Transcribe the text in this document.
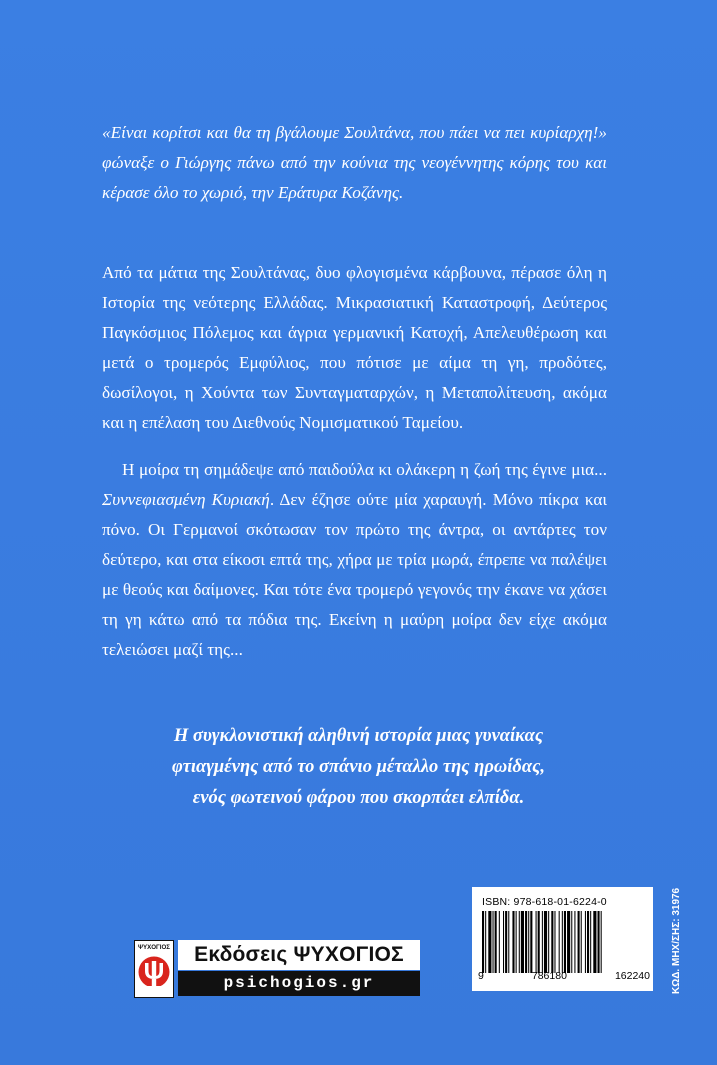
«Είναι κορίτσι και θα τη βγάλουμε Σουλτάνα, που πάει να πει κυρίαρχη!» φώναξε ο Γιώργης πάνω από την κούνια της νεογέννητης κόρης του και κέρασε όλο το χωριό, την Εράτυρα Κοζάνης.
Από τα μάτια της Σουλτάνας, δυο φλογισμένα κάρβουνα, πέρασε όλη η Ιστορία της νεότερης Ελλάδας. Μικρασιατική Καταστροφή, Δεύτερος Παγκόσμιος Πόλεμος και άγρια γερμανική Κατοχή, Απελευθέρωση και μετά ο τρομερός Εμφύλιος, που πότισε με αίμα τη γη, προδότες, δωσίλογοι, η Χούντα των Συνταγματαρχών, η Μεταπολίτευση, ακόμα και η επέλαση του Διεθνούς Νομισματικού Ταμείου.
Η μοίρα τη σημάδεψε από παιδούλα κι ολάκερη η ζωή της έγινε μια... Συννεφιασμένη Κυριακή. Δεν έζησε ούτε μία χαραυγή. Μόνο πίκρα και πόνο. Οι Γερμανοί σκότωσαν τον πρώτο της άντρα, οι αντάρτες τον δεύτερο, και στα είκοσι επτά της, χήρα με τρία μωρά, έπρεπε να παλέψει με θεούς και δαίμονες. Και τότε ένα τρομερό γεγονός την έκανε να χάσει τη γη κάτω από τα πόδια της. Εκείνη η μαύρη μοίρα δεν είχε ακόμα τελειώσει μαζί της...
Η συγκλονιστική αληθινή ιστορία μιας γυναίκας
φτιαγμένης από το σπάνιο μέταλλο της ηρωίδας,
ενός φωτεινού φάρου που σκορπάει ελπίδα.
ISBN: 978-618-01-6224-0
9	786180	162240 ΚΩΔ. ΜΗΧ/ΣΗΣ: 31976
ΨΥΧΟΓΙΟΣ	Εκδόσεις ΨΥΧΟΓΙΟΣ
psichogios.gr
